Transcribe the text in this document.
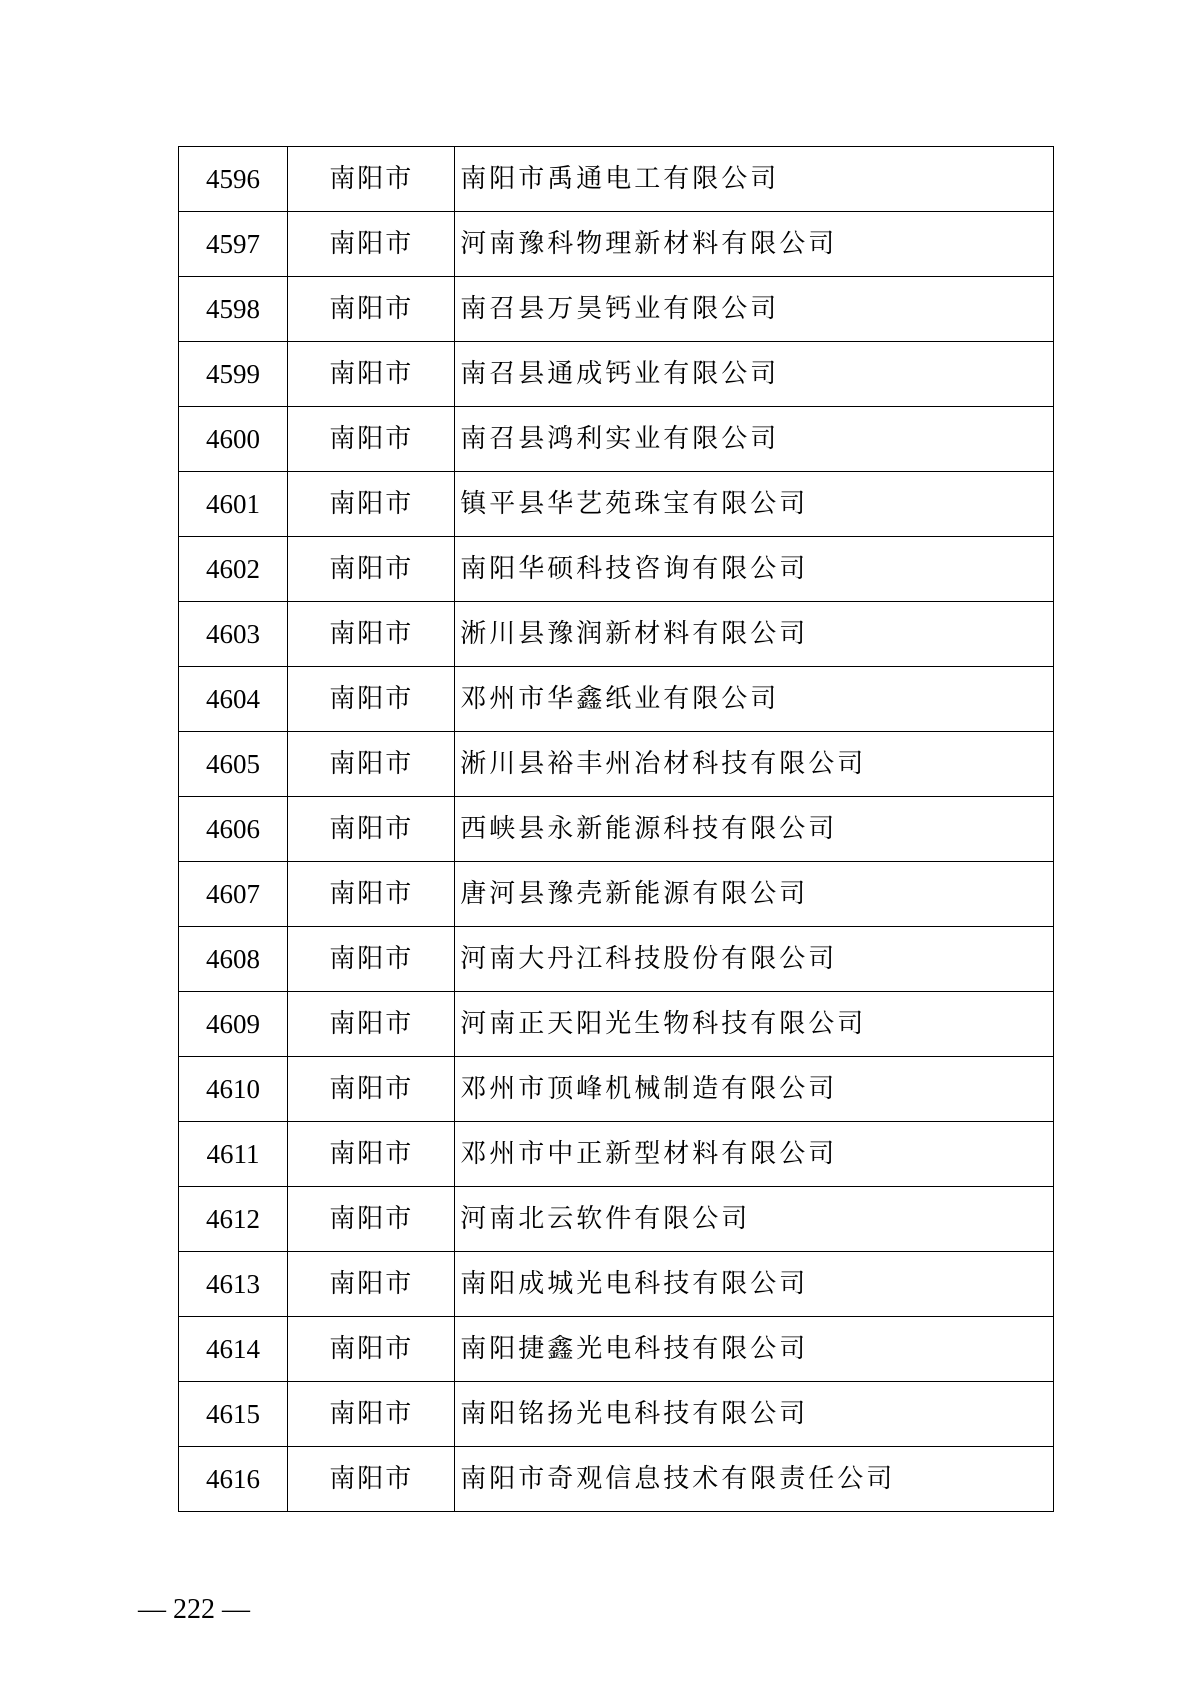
4596	南阳市	南阳市禹通电工有限公司
4597	南阳市	河南豫科物理新材料有限公司
4598	南阳市	南召县万昊钙业有限公司
4599	南阳市	南召县通成钙业有限公司
4600	南阳市	南召县鸿利实业有限公司
4601	南阳市	镇平县华艺苑珠宝有限公司
4602	南阳市	南阳华硕科技咨询有限公司
4603	南阳市	淅川县豫润新材料有限公司
4604	南阳市	邓州市华鑫纸业有限公司
4605	南阳市	淅川县裕丰州冶材科技有限公司
4606	南阳市	西峡县永新能源科技有限公司
4607	南阳市	唐河县豫壳新能源有限公司
4608	南阳市	河南大丹江科技股份有限公司
4609	南阳市	河南正天阳光生物科技有限公司
4610	南阳市	邓州市顶峰机械制造有限公司
4611	南阳市	邓州市中正新型材料有限公司
4612	南阳市	河南北云软件有限公司
4613	南阳市	南阳成城光电科技有限公司
4614	南阳市	南阳捷鑫光电科技有限公司
4615	南阳市	南阳铭扬光电科技有限公司
4616	南阳市	南阳市奇观信息技术有限责任公司
— 222 —
